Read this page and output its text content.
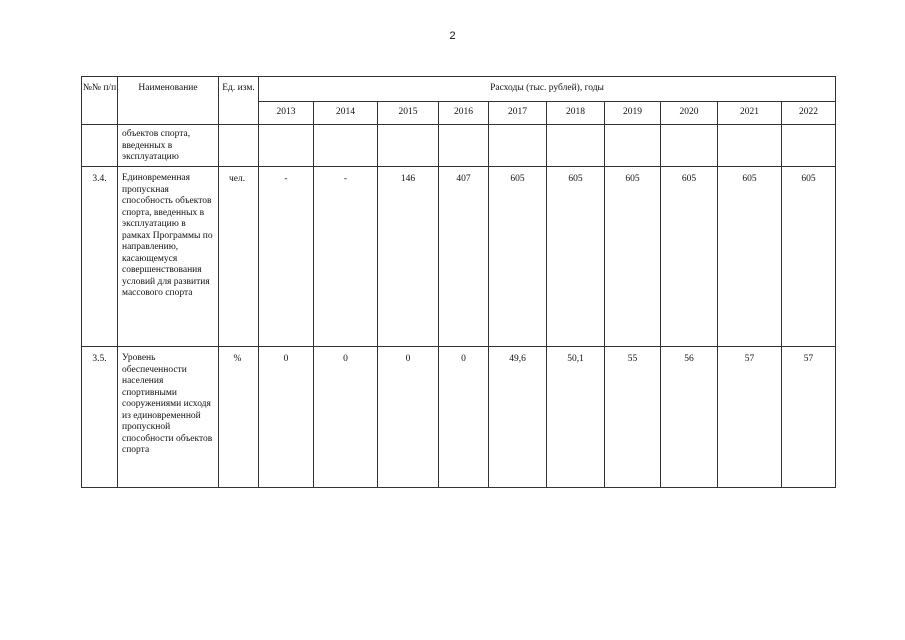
2
№№ п/п	Наименование	Ед. изм.	Расходы (тыс. рублей), годы									
			2013	2014	2015	2016	2017	2018	2019	2020	2021	2022
	объектов спорта, введенных в эксплуатацию											
3.4.	Единовременная пропускная способность объектов спорта, введенных в эксплуатацию в рамках Программы по направлению, касающемуся совершенствования условий для развития массового спорта	чел.	-	-	146	407	605	605	605	605	605	605
3.5.	Уровень обеспеченности населения спортивными сооружениями исходя из единовременной пропускной способности объектов спорта	%	0	0	0	0	49,6	50,1	55	56	57	57
